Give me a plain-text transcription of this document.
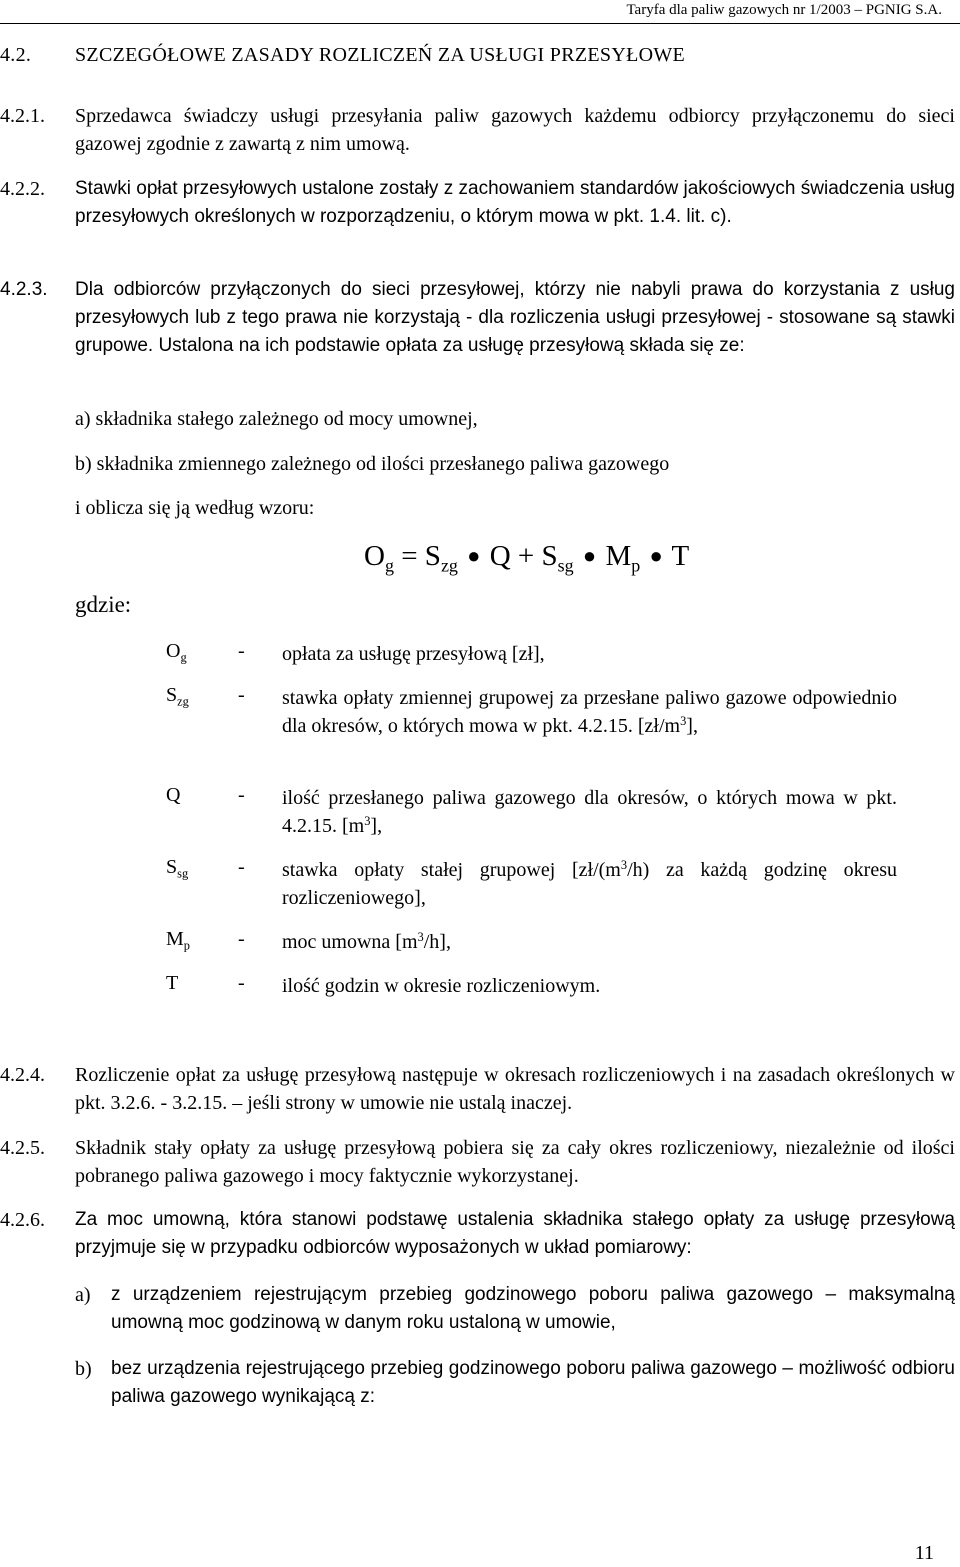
Taryfa dla paliw gazowych nr 1/2003 – PGNIG S.A.
4.2. SZCZEGÓŁOWE ZASADY ROZLICZEŃ ZA USŁUGI PRZESYŁOWE
4.2.1. Sprzedawca świadczy usługi przesyłania paliw gazowych każdemu odbiorcy przyłączonemu do sieci gazowej zgodnie z zawartą z nim umową.
4.2.2. Stawki opłat przesyłowych ustalone zostały z zachowaniem standardów jakościowych świadczenia usług przesyłowych określonych w rozporządzeniu, o którym mowa w pkt. 1.4. lit. c).
4.2.3. Dla odbiorców przyłączonych do sieci przesyłowej, którzy nie nabyli prawa do korzystania z usług przesyłowych lub z tego prawa nie korzystają - dla rozliczenia usługi przesyłowej - stosowane są stawki grupowe. Ustalona na ich podstawie opłata za usługę przesyłową składa się ze:
a) składnika stałego zależnego od mocy umownej,
b) składnika zmiennego zależnego od ilości przesłanego paliwa gazowego
i oblicza się ją według wzoru:
$O_g = S_{zg}$ ● $Q + S_{sg}$ ● $M_p$ ● T
gdzie:
$O_g$	- opłata za usługę przesyłową [zł],
$S_{zg}$ - stawka opłaty zmiennej grupowej za przesłane paliwo gazowe odpowiednio dla okresów, o których mowa w pkt. 4.2.15. $[zł/m^3]$,
Q	- ilość przesłanego paliwa gazowego dla okresów, o których mowa w pkt. 4.2.15. $[m^3]$,
$S_{sg}$ - stawka opłaty stałej grupowej [$zł/(m^3/h)$ za każdą godzinę okresu rozliczeniowego],
$M_p$ - moc umowna $[m^3/h]$,
T	- ilość godzin w okresie rozliczeniowym.
4.2.4. Rozliczenie opłat za usługę przesyłową następuje w okresach rozliczeniowych i na zasadach określonych w pkt. 3.2.6. - 3.2.15. – jeśli strony w umowie nie ustalą inaczej.
4.2.5. Składnik stały opłaty za usługę przesyłową pobiera się za cały okres rozliczeniowy, niezależnie od ilości pobranego paliwa gazowego i mocy faktycznie wykorzystanej.
4.2.6. Za moc umowną, która stanowi podstawę ustalenia składnika stałego opłaty za usługę przesyłową przyjmuje się w przypadku odbiorców wyposażonych w układ pomiarowy:
a) z urządzeniem rejestrującym przebieg godzinowego poboru paliwa gazowego – maksymalną umowną moc godzinową w danym roku ustaloną w umowie,
b) bez urządzenia rejestrującego przebieg godzinowego poboru paliwa gazowego – możliwość odbioru paliwa gazowego wynikającą z:
11
